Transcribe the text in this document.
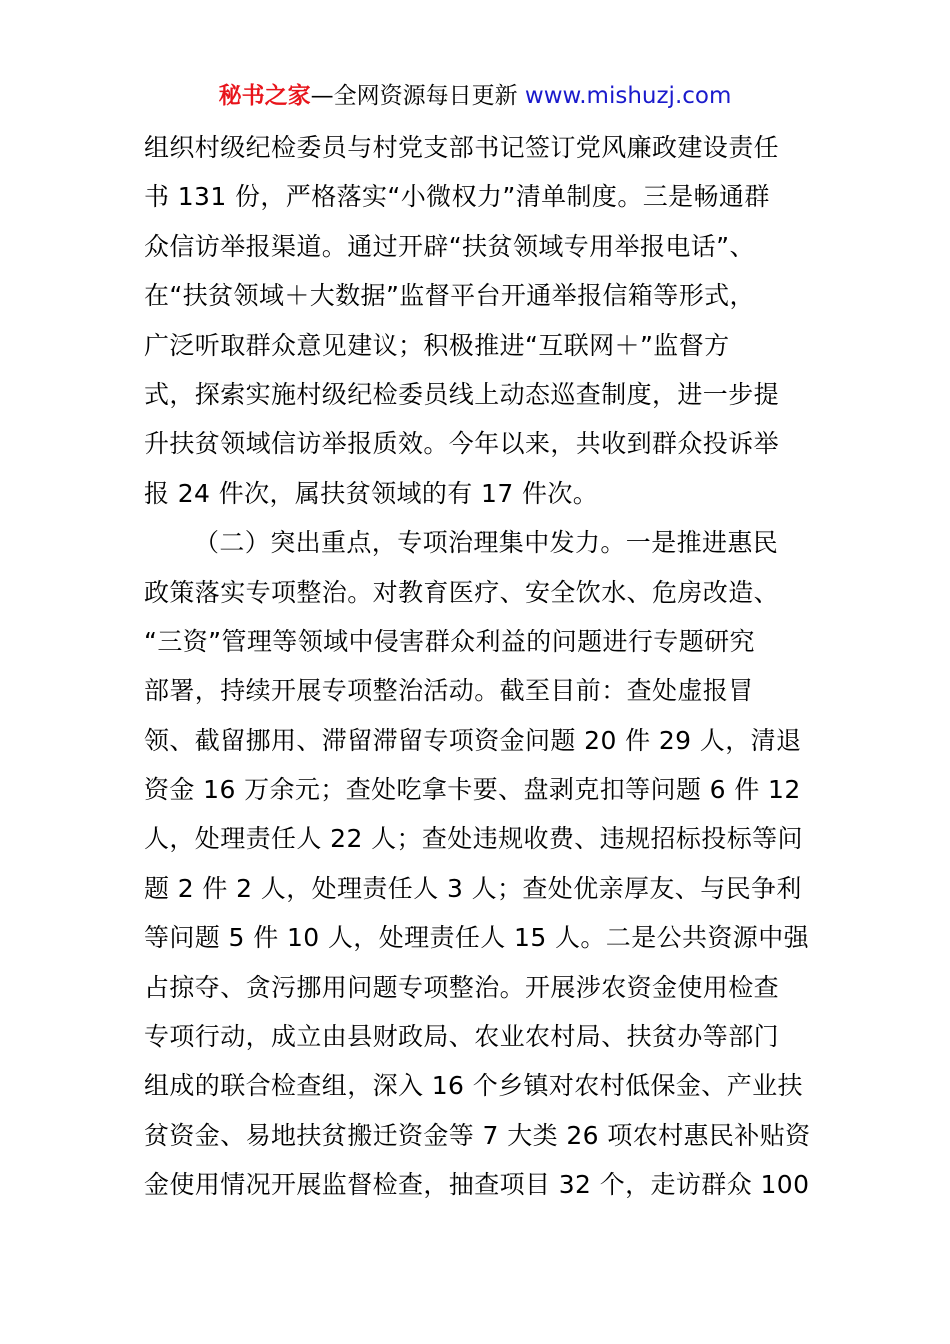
秘书之家—全网资源每日更新 www.mishuzj.com
组织村级纪检委员与村党支部书记签订党风廉政建设责任
书 131 份，严格落实“小微权力”清单制度。三是畅通群
众信访举报渠道。通过开辟“扶贫领域专用举报电话”、
在“扶贫领域＋大数据”监督平台开通举报信箱等形式，
广泛听取群众意见建议；积极推进“互联网＋”监督方
式，探索实施村级纪检委员线上动态巡查制度，进一步提
升扶贫领域信访举报质效。今年以来，共收到群众投诉举
报 24 件次，属扶贫领域的有 17 件次。
（二）突出重点，专项治理集中发力。一是推进惠民
政策落实专项整治。对教育医疗、安全饮水、危房改造、
“三资”管理等领域中侵害群众利益的问题进行专题研究
部署，持续开展专项整治活动。截至目前：查处虚报冒
领、截留挪用、滞留滞留专项资金问题 20 件 29 人，清退
资金 16 万余元；查处吃拿卡要、盘剥克扣等问题 6 件 12
人，处理责任人 22 人；查处违规收费、违规招标投标等问
题 2 件 2 人，处理责任人 3 人；查处优亲厚友、与民争利
等问题 5 件 10 人，处理责任人 15 人。二是公共资源中强
占掠夺、贪污挪用问题专项整治。开展涉农资金使用检查
专项行动，成立由县财政局、农业农村局、扶贫办等部门
组成的联合检查组，深入 16 个乡镇对农村低保金、产业扶
贫资金、易地扶贫搬迁资金等 7 大类 26 项农村惠民补贴资
金使用情况开展监督检查，抽查项目 32 个，走访群众 100
